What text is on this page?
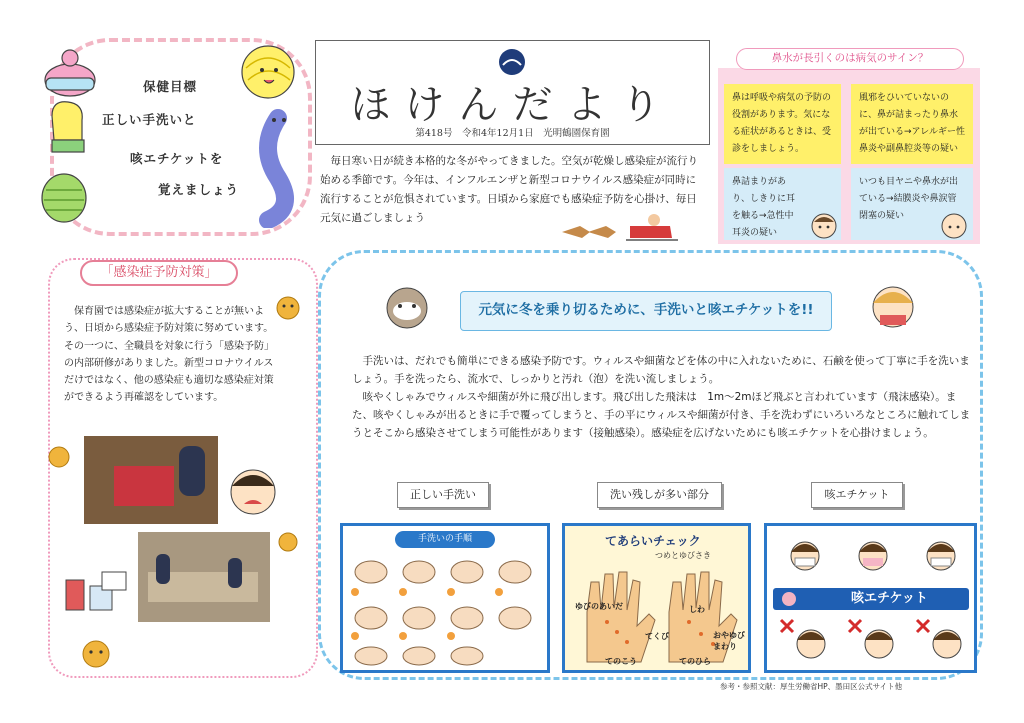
保健目標
正しい手洗いと
咳エチケットを
覚えましょう
ほけんだより
第418号　令和4年12月1日　光明鶴園保育園
毎日寒い日が続き本格的な冬がやってきました。空気が乾燥し感染症が流行り始める季節です。今年は、インフルエンザと新型コロナウイルス感染症が同時に流行することが危惧されています。日頃から家庭でも感染症予防を心掛け、毎日元気に過ごしましょう
鼻水が長引くのは病気のサイン？
鼻は呼吸や病気の予防の役割があります。気になる症状があるときは、受診をしましょう。
風邪をひいていないのに、鼻が詰まったり鼻水が出ている→アレルギー性鼻炎や副鼻腔炎等の疑い
鼻詰まりがあり、しきりに耳を触る→急性中耳炎の疑い
いつも目ヤニや鼻水が出ている→結膜炎や鼻涙管閉塞の疑い
「感染症予防対策」
保育園では感染症が拡大することが無いよう、日頃から感染症予防対策に努めています。その一つに、全職員を対象に行う「感染予防」の内部研修がありました。新型コロナウイルスだけではなく、他の感染症も適切な感染症対策ができるよう再確認をしています。
元気に冬を乗り切るために、手洗いと咳エチケットを!!

手洗いは、だれでも簡単にできる感染予防です。ウィルスや細菌などを体の中に入れないために、石鹸を使って丁寧に手を洗いましょう。手を洗ったら、流水で、しっかりと汚れ（泡）を洗い流しましょう。

咳やくしゃみでウィルスや細菌が外に飛び出します。飛び出した飛沫は　1m～2mほど飛ぶと言われています（飛沫感染）。また、咳やくしゃみが出るときに手で覆ってしまうと、手の平にウィルスや細菌が付き、手を洗わずにいろいろなところに触れてしまうとそこから感染させてしまう可能性があります（接触感染）。感染症を広げないためにも咳エチケットを心掛けましょう。

正しい手洗い	洗い残しが多い部分	咳エチケット
手洗いの手順	てあらいチェック
つめとゆびさき
ゆびのあいだ	しわ
てくび	おやゆび
まわり
てのこう	てのひら
咳エチケット
参考・参照文献：厚生労働省HP、墨田区公式サイト他
